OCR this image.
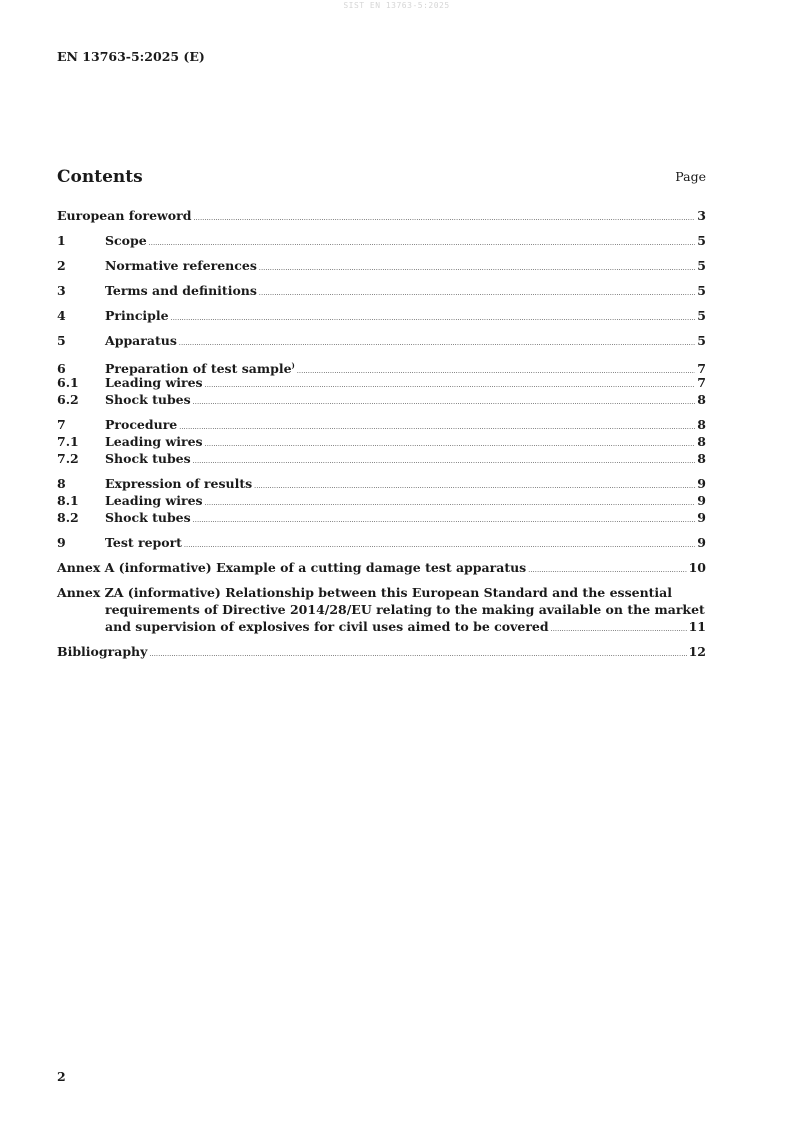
SIST EN 13763-5:2025
EN 13763-5:2025 (E)
Contents	Page
European foreword .....	3
1	Scope .....	5
2	Normative references .....	5
3	Terms and definitions .....	5
4	Principle .....	5
5	Apparatus .....	5
6	Preparation of test sample) .....	7
6.1	Leading wires .....	7
6.2	Shock tubes .....	8
7	Procedure .....	8
7.1	Leading wires .....	8
7.2	Shock tubes .....	8
8	Expression of results .....	9
8.1	Leading wires .....	9
8.2	Shock tubes .....	9
9	Test report .....	9
Annex A (informative) Example of a cutting damage test apparatus .....	10
Annex ZA (informative) Relationship between this European Standard and the essential
requirements of Directive 2014/28/EU relating to the making available on the market
and supervision of explosives for civil uses aimed to be covered .....	11
Bibliography .....	12
2
